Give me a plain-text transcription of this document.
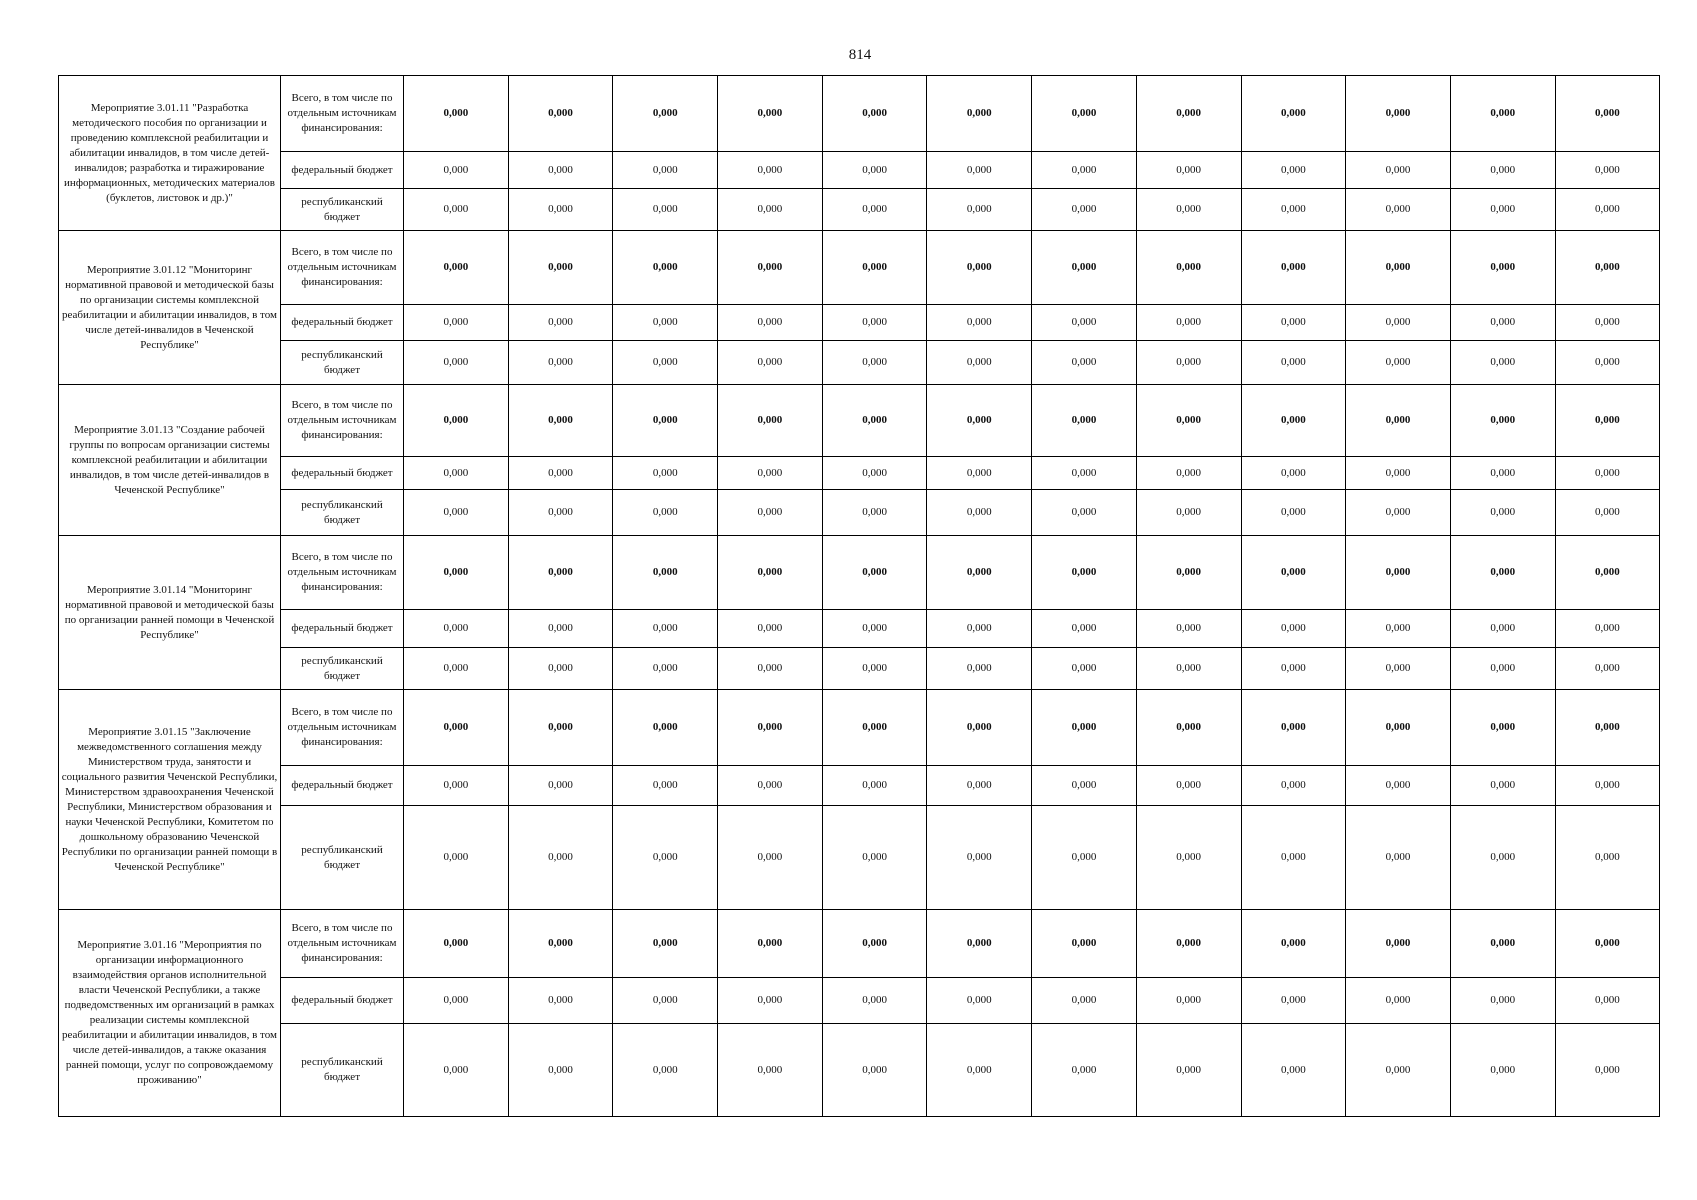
814
Мероприятие 3.01.11 "Разработка методического пособия по организации и проведению комплексной реабилитации и абилитации инвалидов, в том числе детей- инвалидов; разработка и тиражирование информационных, методических материалов (буклетов, листовок и др.)"	Всего, в том числе по отдельным источникам финансирования:	0,000	0,000	0,000	0,000	0,000	0,000	0,000	0,000	0,000	0,000	0,000	0,000
	федеральный бюджет	0,000	0,000	0,000	0,000	0,000	0,000	0,000	0,000	0,000	0,000	0,000	0,000
	республиканский бюджет	0,000	0,000	0,000	0,000	0,000	0,000	0,000	0,000	0,000	0,000	0,000	0,000
Мероприятие 3.01.12 "Мониторинг нормативной правовой и методической базы по организации системы комплексной реабилитации и абилитации инвалидов, в том числе детей-инвалидов в Чеченской Республике"	Всего, в том числе по отдельным источникам финансирования:	0,000	0,000	0,000	0,000	0,000	0,000	0,000	0,000	0,000	0,000	0,000	0,000
	федеральный бюджет	0,000	0,000	0,000	0,000	0,000	0,000	0,000	0,000	0,000	0,000	0,000	0,000
	республиканский бюджет	0,000	0,000	0,000	0,000	0,000	0,000	0,000	0,000	0,000	0,000	0,000	0,000
Мероприятие 3.01.13 "Создание рабочей группы по вопросам организации системы комплексной реабилитации и абилитации инвалидов, в том числе детей-инвалидов в Чеченской Республике"	Всего, в том числе по отдельным источникам финансирования:	0,000	0,000	0,000	0,000	0,000	0,000	0,000	0,000	0,000	0,000	0,000	0,000
	федеральный бюджет	0,000	0,000	0,000	0,000	0,000	0,000	0,000	0,000	0,000	0,000	0,000	0,000
	республиканский бюджет	0,000	0,000	0,000	0,000	0,000	0,000	0,000	0,000	0,000	0,000	0,000	0,000
Мероприятие 3.01.14 "Мониторинг нормативной правовой и методической базы по организации ранней помощи в Чеченской Республике"	Всего, в том числе по отдельным источникам финансирования:	0,000	0,000	0,000	0,000	0,000	0,000	0,000	0,000	0,000	0,000	0,000	0,000
	федеральный бюджет	0,000	0,000	0,000	0,000	0,000	0,000	0,000	0,000	0,000	0,000	0,000	0,000
	республиканский бюджет	0,000	0,000	0,000	0,000	0,000	0,000	0,000	0,000	0,000	0,000	0,000	0,000
Мероприятие 3.01.15 "Заключение межведомственного соглашения между Министерством труда, занятости и социального развития Чеченской Республики, Министерством здравоохранения Чеченской Республики, Министерством образования и науки Чеченской Республики, Комитетом по дошкольному образованию Чеченской Республики по организации ранней помощи в Чеченской Республике"	Всего, в том числе по отдельным источникам финансирования:	0,000	0,000	0,000	0,000	0,000	0,000	0,000	0,000	0,000	0,000	0,000	0,000
	федеральный бюджет	0,000	0,000	0,000	0,000	0,000	0,000	0,000	0,000	0,000	0,000	0,000	0,000
	республиканский бюджет	0,000	0,000	0,000	0,000	0,000	0,000	0,000	0,000	0,000	0,000	0,000	0,000
Мероприятие 3.01.16 "Мероприятия по организации информационного взаимодействия органов исполнительной власти Чеченской Республики, а также подведомственных им организаций в рамках реализации системы комплексной реабилитации и абилитации инвалидов, в том числе детей-инвалидов, а также оказания ранней помощи, услуг по сопровождаемому проживанию"	Всего, в том числе по отдельным источникам финансирования:	0,000	0,000	0,000	0,000	0,000	0,000	0,000	0,000	0,000	0,000	0,000	0,000
	федеральный бюджет	0,000	0,000	0,000	0,000	0,000	0,000	0,000	0,000	0,000	0,000	0,000	0,000
	республиканский бюджет	0,000	0,000	0,000	0,000	0,000	0,000	0,000	0,000	0,000	0,000	0,000	0,000
